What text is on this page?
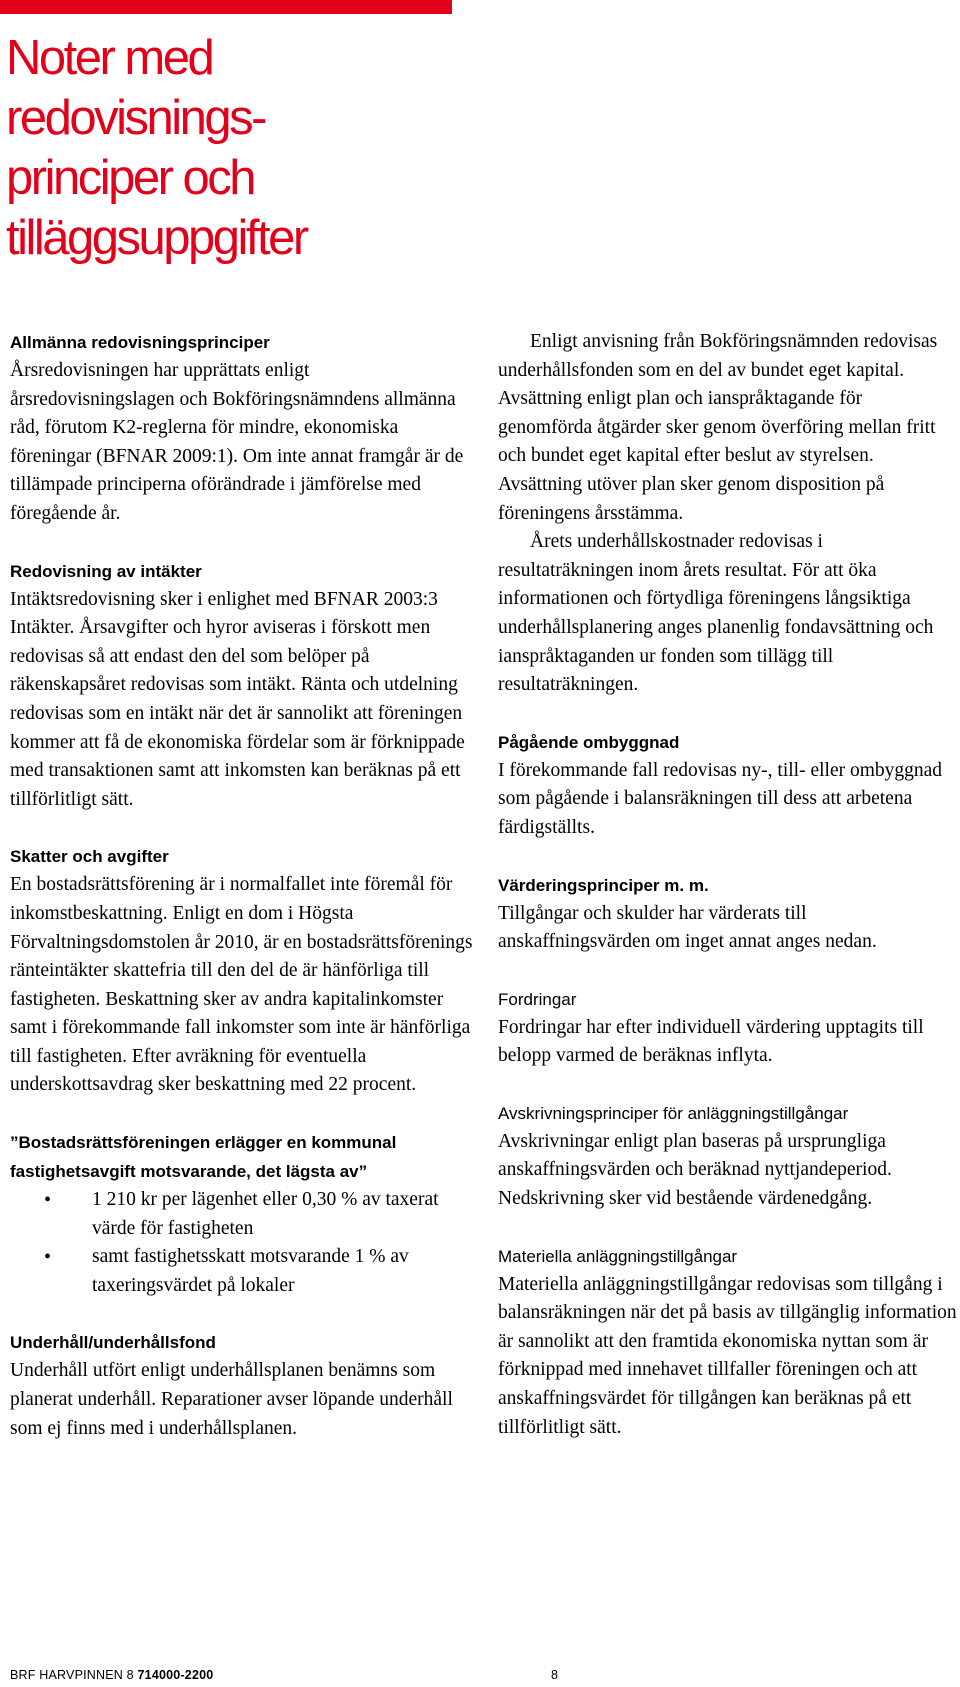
Noter med
redovisnings-
principer och
tilläggsuppgifter
Allmänna redovisningsprinciper

Årsredovisningen har upprättats enligt årsredovisningslagen och Bokföringsnämndens allmänna råd, förutom K2-reglerna för mindre, ekonomiska föreningar (BFNAR 2009:1). Om inte annat framgår är de tillämpade principerna oförändrade i jämförelse med föregående år.

Redovisning av intäkter

Intäktsredovisning sker i enlighet med BFNAR 2003:3 Intäkter. Årsavgifter och hyror aviseras i förskott men redovisas så att endast den del som belöper på räkenskapsåret redovisas som intäkt. Ränta och utdelning redovisas som en intäkt när det är sannolikt att föreningen kommer att få de ekonomiska fördelar som är förknippade med transaktionen samt att inkomsten kan beräknas på ett tillförlitligt sätt.

Skatter och avgifter

En bostadsrättsförening är i normalfallet inte föremål för inkomstbeskattning. Enligt en dom i Högsta Förvaltningsdomstolen år 2010, är en bostadsrättsförenings ränteintäkter skattefria till den del de är hänförliga till fastigheten. Beskattning sker av andra kapitalinkomster samt i förekommande fall inkomster som inte är hänförliga till fastigheten. Efter avräkning för eventuella underskottsavdrag sker beskattning med 22 procent.

”Bostadsrättsföreningen erlägger en kommunal fastighetsavgift motsvarande, det lägsta av”
• 1 210 kr per lägenhet eller 0,30 % av taxerat värde för fastigheten
• samt fastighetsskatt motsvarande 1 % av taxeringsvärdet på lokaler
Underhåll/underhållsfond

Underhåll utfört enligt underhållsplanen benämns som planerat underhåll. Reparationer avser löpande underhåll som ej finns med i underhållsplanen.

Enligt anvisning från Bokföringsnämnden redovisas underhållsfonden som en del av bundet eget kapital. Avsättning enligt plan och ianspråktagande för genomförda åtgärder sker genom överföring mellan fritt och bundet eget kapital efter beslut av styrelsen. Avsättning utöver plan sker genom disposition på föreningens årsstämma.

Årets underhållskostnader redovisas i resultaträkningen inom årets resultat. För att öka informationen och förtydliga föreningens långsiktiga underhållsplanering anges planenlig fondavsättning och ianspråktaganden ur fonden som tillägg till resultaträkningen.

Pågående ombyggnad

I förekommande fall redovisas ny-, till- eller ombyggnad som pågående i balansräkningen till dess att arbetena färdigställts.

Värderingsprinciper m. m.

Tillgångar och skulder har värderats till anskaffningsvärden om inget annat anges nedan.

Fordringar

Fordringar har efter individuell värdering upptagits till belopp varmed de beräknas inflyta.

Avskrivningsprinciper för anläggningstillgångar

Avskrivningar enligt plan baseras på ursprungliga anskaffningsvärden och beräknad nyttjandeperiod. Nedskrivning sker vid bestående värdenedgång.

Materiella anläggningstillgångar

Materiella anläggningstillgångar redovisas som tillgång i balansräkningen när det på basis av tillgänglig information är sannolikt att den framtida ekonomiska nyttan som är förknippad med innehavet tillfaller föreningen och att anskaffningsvärdet för tillgången kan beräknas på ett tillförlitligt sätt.

BRF HARVPINNEN 8 714000-2200	8
